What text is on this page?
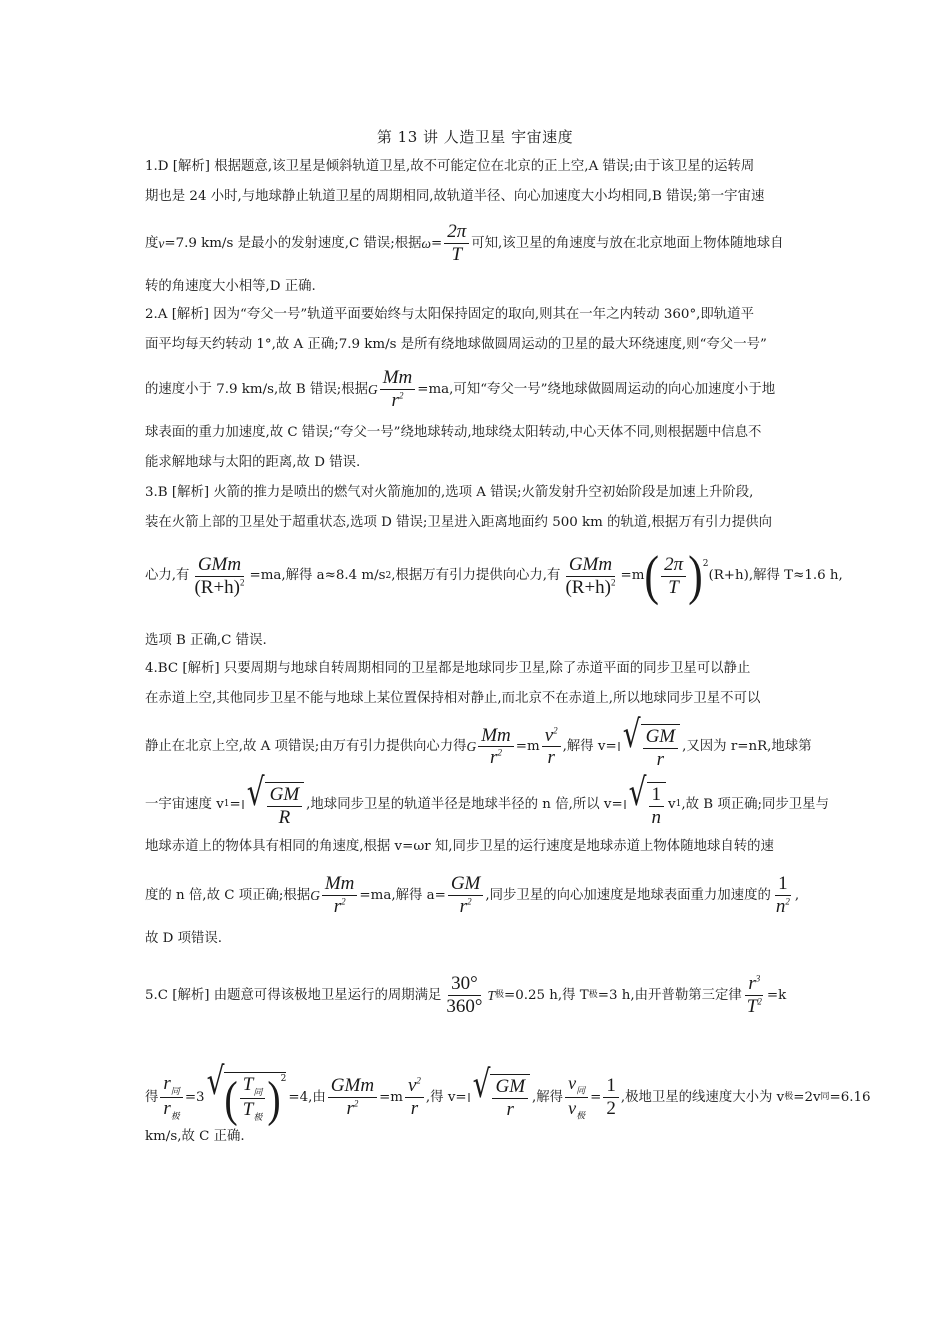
第 13 讲 人造卫星 宇宙速度
1.D [解析] 根据题意,该卫星是倾斜轨道卫星,故不可能定位在北京的正上空,A 错误;由于该卫星的运转周
期也是 24 小时,与地球静止轨道卫星的周期相同,故轨道半径、向心加速度大小均相同,B 错误;第一宇宙速
度 v =7.9 km/s 是最小的发射速度,C 错误;根据 $\omega = \frac{2\pi}{T}$ 可知,该卫星的角速度与放在北京地面上物体随地球自
转的角速度大小相等,D 正确.
2.A [解析] 因为“夸父一号”轨道平面要始终与太阳保持固定的取向,则其在一年之内转动 360°,即轨道平
面平均每天约转动 1°,故 A 正确;7.9 km/s 是所有绕地球做圆周运动的卫星的最大环绕速度,则“夸父一号”
的速度小于 7.9 km/s,故 B 错误;根据 G $\frac{Mm}{r^2} =ma$,可知“夸父一号”绕地球做圆周运动的向心加速度小于地
球表面的重力加速度,故 C 错误;“夸父一号”绕地球转动,地球绕太阳转动,中心天体不同,则根据题中信息不
能求解地球与太阳的距离,故 D 错误.
3.B [解析] 火箭的推力是喷出的燃气对火箭施加的,选项 A 错误;火箭发射升空初始阶段是加速上升阶段,
装在火箭上部的卫星处于超重状态,选项 D 错误;卫星进入距离地面约 500 km 的轨道,根据万有引力提供向
心力,有 $\frac{\text{GMm}}{(R+h)^2} =ma$,解得 a≈8.4 m/s 2 ,根据万有引力提供向心力,有 $\frac{\text{GMm}}{(R+h)^2} =m$ ( $\frac{2\pi}{T} )^2$
(R+h),解得 T≈1.6 h,
选项 B 正确,C 错误.
4.BC [解析] 只要周期与地球自转周期相同的卫星都是地球同步卫星,除了赤道平面的同步卫星可以静止
在赤道上空,其他同步卫星不能与地球上某位置保持相对静止,而北京不在赤道上,所以地球同步卫星不可以
静止在北京上空,故 A 项错误;由万有引力提供向心力得 G $\frac{Mm}{r^2} =m \frac{v^2}{r}$ ,解得 v= √ $\frac{GM}{r}$ ,又因为 r=nR,地球第
一宇宙速度 v 1 = √ $\frac{GM}{R}$ ,地球同步卫星的轨道半径是地球半径的 n 倍,所以 v= √ $\frac{1}{n}$ v 1 ,故 B 项正确;同步卫星与
地球赤道上的物体具有相同的角速度,根据 v=ωr 知,同步卫星的运行速度是地球赤道上物体随地球自转的速
度的 n 倍,故 C 项正确;根据 G $\frac{Mm}{r^2} =ma$,解得 $a= \frac{GM}{r^2}$ ,同步卫星的向心加速度是地球表面重力加速度的 $\frac{1}{n^2}$ ,
故 D 项错误.
5.C [解析] 由题意可得该极地卫星运行的周期满足 $\frac{30^\circ}{360^\circ}$ T 极 =0.25 h,得 T 极 =3 h,由开普勒第三定律 $\frac{r^3}{T^2} =k$
得 $\frac{r_同}{r_极} =3$ √ ( $\frac{T_同}{T_极} )^2$
=4,由 $\frac{\text{GMm}}{r^2} =m \frac{v^2}{r}$ ,得 v= √ $\frac{GM}{r}$ ,解得 $\frac{v_同}{v_极} = \frac{1}{2}$ ,极地卫星的线速度大小为 v 极 =2v 同 =6.16
km/s,故 C 正确.
